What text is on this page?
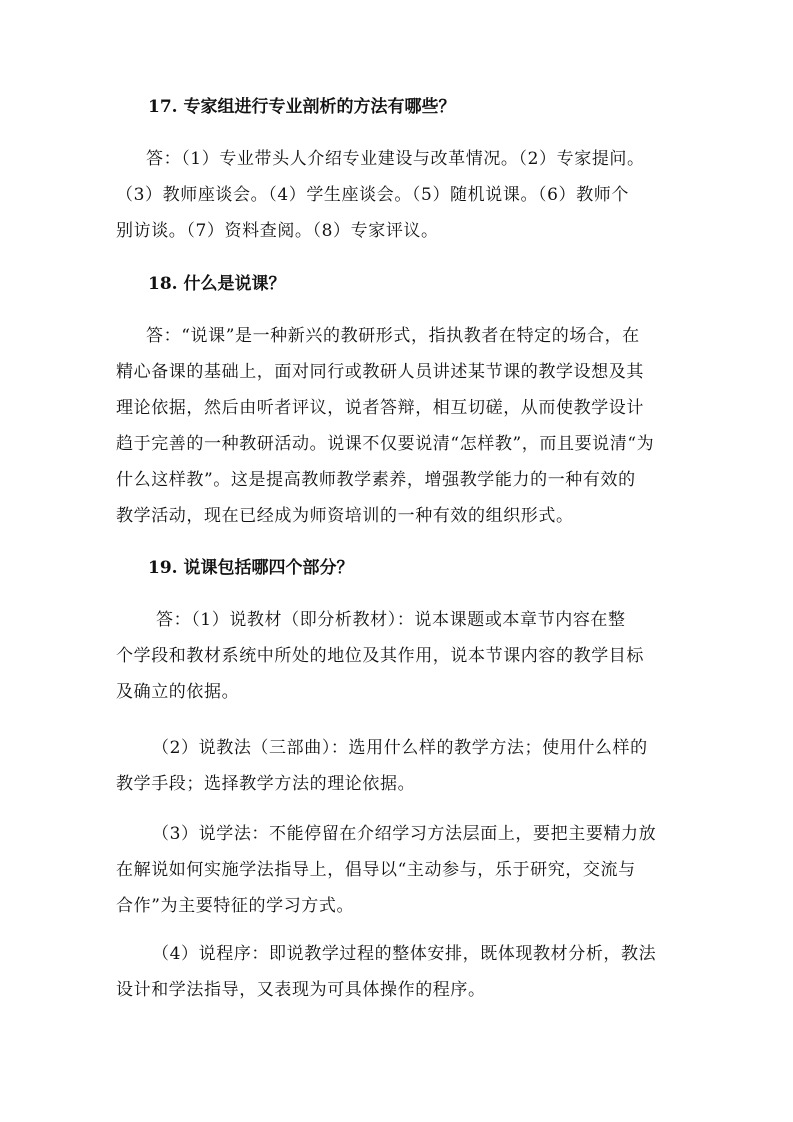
17. 专家组进行专业剖析的方法有哪些？

答：（1）专业带头人介绍专业建设与改革情况。（2）专家提问。
（3）教师座谈会。（4）学生座谈会。（5）随机说课。（6）教师个
别访谈。（7）资料查阅。（8）专家评议。

18. 什么是说课？

答：“说课”是一种新兴的教研形式，指执教者在特定的场合，在
精心备课的基础上，面对同行或教研人员讲述某节课的教学设想及其
理论依据，然后由听者评议，说者答辩，相互切磋，从而使教学设计
趋于完善的一种教研活动。说课不仅要说清“怎样教”，而且要说清“为
什么这样教”。这是提高教师教学素养，增强教学能力的一种有效的
教学活动，现在已经成为师资培训的一种有效的组织形式。

19. 说课包括哪四个部分？

答：（1）说教材（即分析教材）：说本课题或本章节内容在整
个学段和教材系统中所处的地位及其作用，说本节课内容的教学目标
及确立的依据。

（2）说教法（三部曲）：选用什么样的教学方法；使用什么样的
教学手段；选择教学方法的理论依据。

（3）说学法：不能停留在介绍学习方法层面上，要把主要精力放
在解说如何实施学法指导上，倡导以“主动参与，乐于研究，交流与
合作”为主要特征的学习方式。

（4）说程序：即说教学过程的整体安排，既体现教材分析，教法
设计和学法指导，又表现为可具体操作的程序。
